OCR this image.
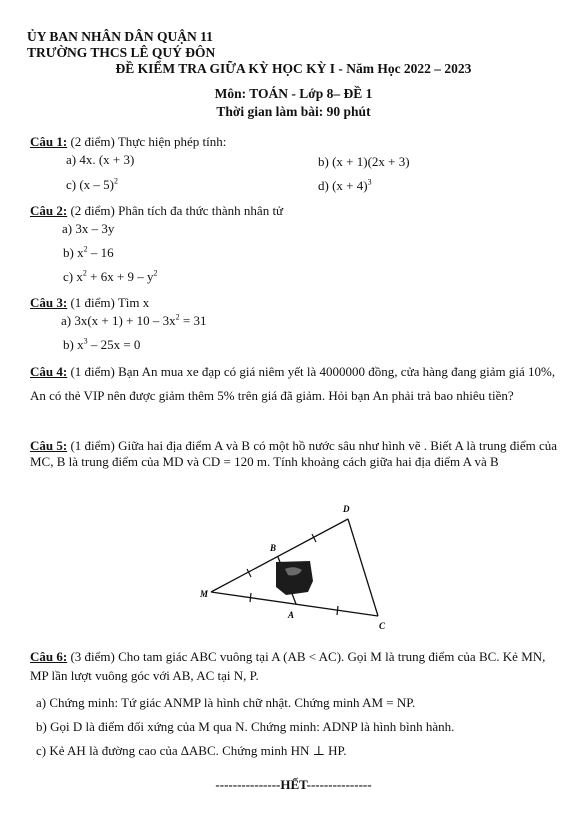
ỦY BAN NHÂN DÂN QUẬN 11
TRƯỜNG THCS LÊ QUÝ ĐÔN
ĐỀ KIỂM TRA GIỮA KỲ HỌC KỲ I - Năm Học 2022 – 2023
Môn: TOÁN - Lớp 8– ĐỀ 1
Thời gian làm bài: 90 phút
Câu 1: (2 điểm) Thực hiện phép tính:
a) 4x. (x + 3)	b) (x + 1)(2x + 3)
c) (x – 5)$^2$	d) $(x + 4)^3$
Câu 2: (2 điểm) Phân tích đa thức thành nhân tử
a) 3x – 3y
b) $x^2 - 16$
c) $x^2 + 6x + 9 - y^2$
Câu 3: (1 điểm) Tìm x
a) $3x(x + 1) + 10 - 3x^2 = 31$
b) $x^3 - 25x = 0$
Câu 4: (1 điểm) Bạn An mua xe đạp có giá niêm yết là 4000000 đồng, cửa hàng đang giảm giá 10%, An có thẻ VIP nên được giảm thêm 5% trên giá đã giảm. Hỏi bạn An phải trả bao nhiêu tiền?
Câu 5: (1 điểm) Giữa hai địa điểm A và B có một hồ nước sâu như hình vẽ . Biết A là trung điểm của MC, B là trung điểm của MD và CD = 120 m. Tính khoảng cách giữa hai địa điểm A và B
D
B
M
A
C
Câu 6: (3 điểm) Cho tam giác ABC vuông tại A (AB < AC). Gọi M là trung điểm của BC. Kẻ MN, MP lần lượt vuông góc với AB, AC tại N, P.
a) Chứng minh: Tứ giác ANMP là hình chữ nhật. Chứng minh AM = NP.
b) Gọi D là điểm đối xứng của M qua N. Chứng minh: ADNP là hình bình hành.
c) Kẻ AH là đường cao của ∆ABC. Chứng minh HN ⊥ HP.
---------------HẾT---------------
